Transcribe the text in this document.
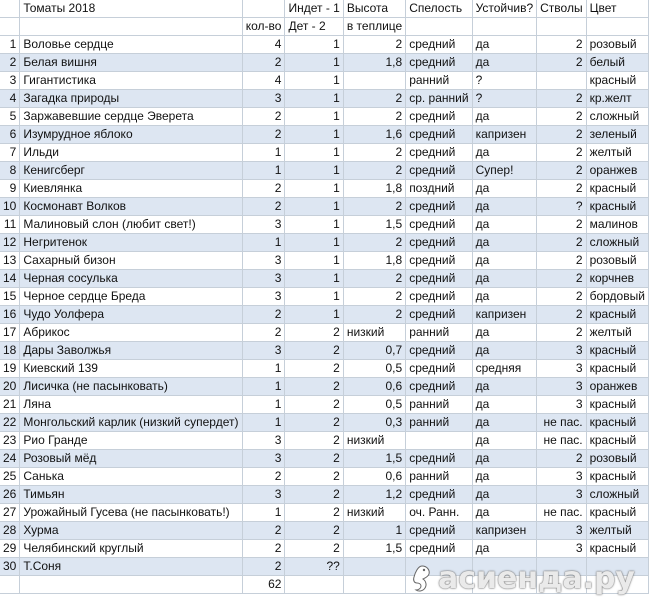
	Томаты 2018		Индет - 1	Высота	Спелость	Устойчив?	Стволы	Цвет
		кол-во	Дет - 2	в теплице				
1	Воловье сердце	4	1	2	средний	да	2	розовый
2	Белая вишня	2	1	1,8	средний	да	2	белый
3	Гигантистика	4	1		ранний	?		красный
4	Загадка природы	3	1	2	ср. ранний	?	2	кр.желт
5	Заржавевшие сердце Эверета	2	1	2	средний	да	2	сложный
6	Изумрудное яблоко	2	1	1,6	средний	капризен	2	зеленый
7	Ильди	1	1	2	средний	да	2	желтый
8	Кенигсберг	1	1	2	средний	Супер!	2	оранжев
9	Киевлянка	2	1	1,8	поздний	да	2	красный
10	Космонавт Волков	2	1	2	средний	да	?	красный
11	Малиновый слон (любит свет!)	3	1	1,5	средний	да	2	малинов
12	Негритенок	1	1	2	средний	да	2	сложный
13	Сахарный бизон	3	1	1,8	средний	да	2	розовый
14	Черная сосулька	3	1	2	средний	да	2	корчнев
15	Черное сердце Бреда	3	1	2	средний	да	2	бордовый
16	Чудо Уолфера	2	1	2	средний	капризен	2	красный
17	Абрикос	2	2	низкий	ранний	да	2	желтый
18	Дары Заволжья	3	2	0,7	средний	да	3	красный
19	Киевский 139	1	2	0,5	средний	средняя	3	красный
20	Лисичка (не пасынковать)	1	2	0,6	средний	да	3	оранжев
21	Ляна	1	2	0,5	ранний	да	3	красный
22	Монгольский карлик (низкий супердет)	1	2	0,3	ранний	да	не пас.	красный
23	Рио Гранде	3	2	низкий		да	не пас.	красный
24	Розовый мёд	3	2	1,5	средний	да	2	розовый
25	Санька	2	2	0,6	ранний	да	3	красный
26	Тимьян	3	2	1,2	средний	да	3	сложный
27	Урожайный Гусева (не пасынковать!)	1	2	низкий	оч. Ранн.	да	не пас.	красный
28	Хурма	2	2	1	средний	капризен	3	желтый
29	Челябинский круглый	2	2	1,5	средний	да	3	красный
30	Т.Соня	2	??					
		62							асиенда.ру
